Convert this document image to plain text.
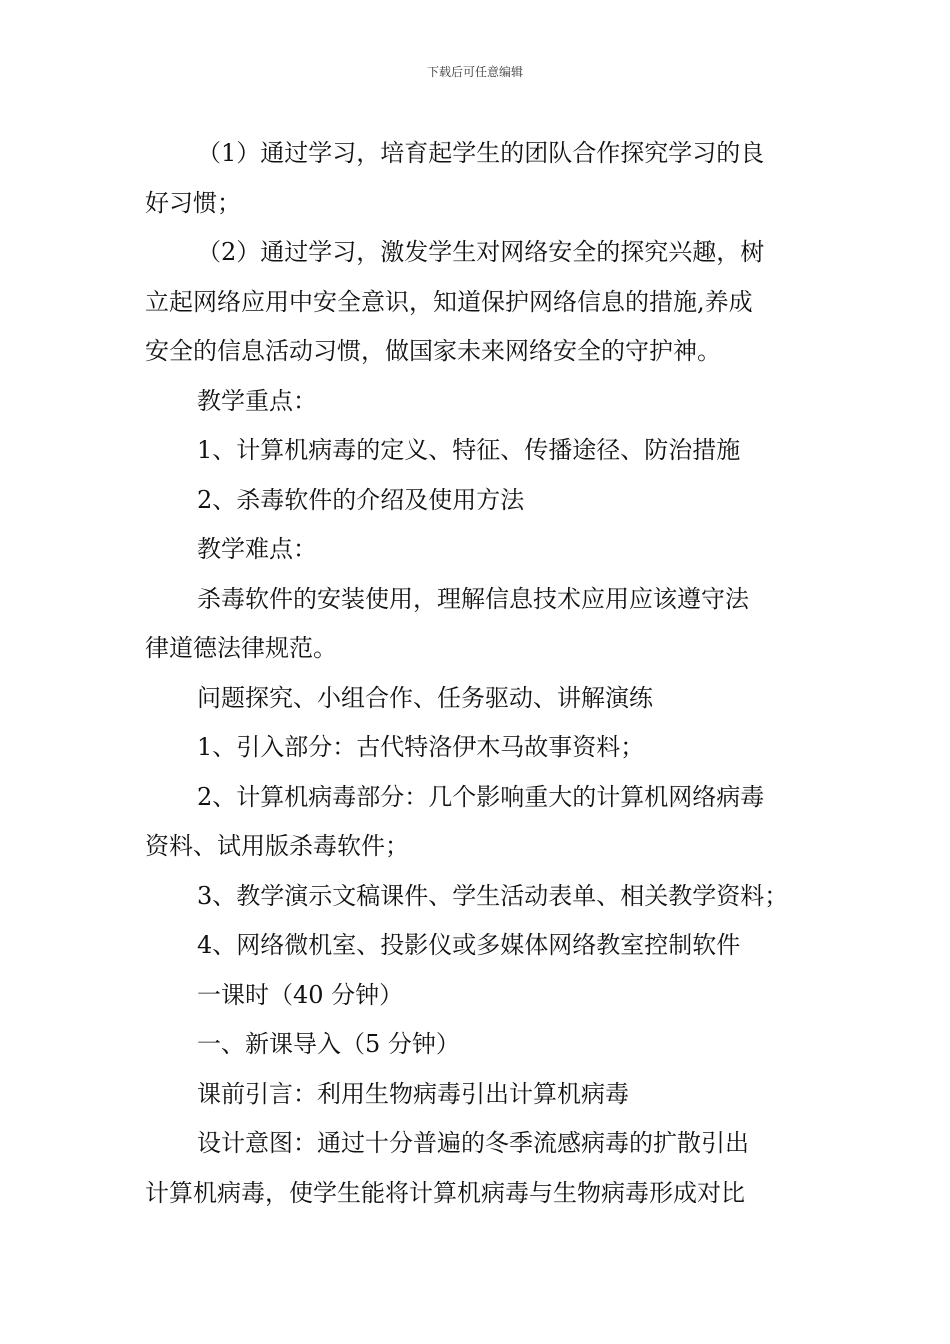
下载后可任意编辑

（1）通过学习，培育起学生的团队合作探究学习的良

好习惯；

（2）通过学习，激发学生对网络安全的探究兴趣，树

立起网络应用中安全意识，知道保护网络信息的措施,养成

安全的信息活动习惯，做国家未来网络安全的守护神。

教学重点：

1、计算机病毒的定义、特征、传播途径、防治措施

2、杀毒软件的介绍及使用方法

教学难点：

杀毒软件的安装使用，理解信息技术应用应该遵守法

律道德法律规范。

问题探究、小组合作、任务驱动、讲解演练

1、引入部分：古代特洛伊木马故事资料；

2、计算机病毒部分：几个影响重大的计算机网络病毒

资料、试用版杀毒软件；

3、教学演示文稿课件、学生活动表单、相关教学资料；

4、网络微机室、投影仪或多媒体网络教室控制软件

一课时（40 分钟）

一、新课导入（5 分钟）

课前引言：利用生物病毒引出计算机病毒

设计意图：通过十分普遍的冬季流感病毒的扩散引出

计算机病毒，使学生能将计算机病毒与生物病毒形成对比
